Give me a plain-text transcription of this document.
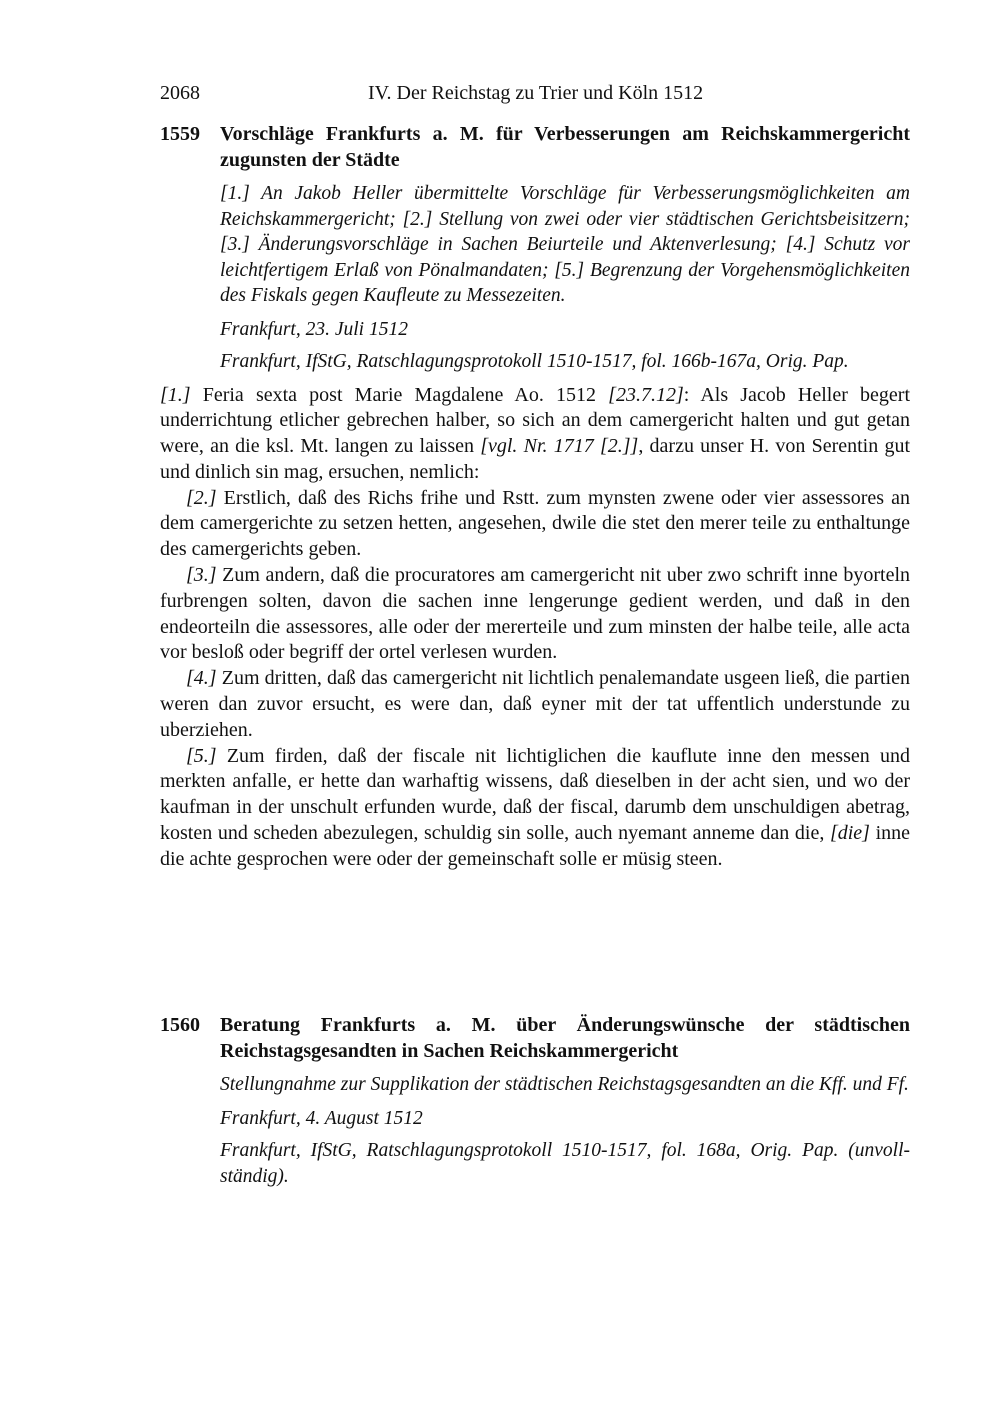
2068	IV. Der Reichstag zu Trier und Köln 1512
1559 Vorschläge Frankfurts a. M. für Verbesserungen am Reichskammergericht zugunsten der Städte
[1.] An Jakob Heller übermittelte Vorschläge für Verbesserungsmöglichkeiten am Reichskammergericht; [2.] Stellung von zwei oder vier städtischen Gerichtsbeisitzern; [3.] Änderungsvorschläge in Sachen Beiurteile und Aktenverlesung; [4.] Schutz vor leichtfertigem Erlaß von Pönalmandaten; [5.] Begrenzung der Vorgehensmöglichkeiten des Fiskals gegen Kaufleute zu Messezeiten.
Frankfurt, 23. Juli 1512
Frankfurt, IfStG, Ratschlagungsprotokoll 1510-1517, fol. 166b-167a, Orig. Pap.

[1.] Feria sexta post Marie Magdalene Ao. 1512 [23.7.12]: Als Jacob Heller begert underrichtung etlicher gebrechen halber, so sich an dem camergericht halten und gut getan were, an die ksl. Mt. langen zu laissen [vgl. Nr. 1717 [2.]], darzu unser H. von Serentin gut und dinlich sin mag, ersuchen, nemlich:

[2.] Erstlich, daß des Richs frihe und Rstt. zum mynsten zwene oder vier assessores an dem camergerichte zu setzen hetten, angesehen, dwile die stet den merer teile zu enthaltunge des camergerichts geben.

[3.] Zum andern, daß die procuratores am camergericht nit uber zwo schrift inne byorteln furbrengen solten, davon die sachen inne lengerunge gedient werden, und daß in den endeorteiln die assessores, alle oder der mererteile und zum minsten der halbe teile, alle acta vor besloß oder begriff der ortel verlesen wurden.

[4.] Zum dritten, daß das camergericht nit lichtlich penalemandate usgeen ließ, die partien weren dan zuvor ersucht, es were dan, daß eyner mit der tat uffentlich understunde zu uberziehen.

[5.] Zum firden, daß der fiscale nit lichtiglichen die kauflute inne den messen und merkten anfalle, er hette dan warhaftig wissens, daß dieselben in der acht sien, und wo der kaufman in der unschult erfunden wurde, daß der fiscal, darumb dem unschuldigen abetrag, kosten und scheden abezulegen, schuldig sin solle, auch nyemant anneme dan die, [die] inne die achte gesprochen were oder der gemeinschaft solle er müsig steen.

1560 Beratung Frankfurts a. M. über Änderungswünsche der städtischen Reichstagsgesandten in Sachen Reichskammergericht
Stellungnahme zur Supplikation der städtischen Reichstagsgesandten an die Kff. und Ff.
Frankfurt, 4. August 1512
Frankfurt, IfStG, Ratschlagungsprotokoll 1510-1517, fol. 168a, Orig. Pap. (unvollständig).
